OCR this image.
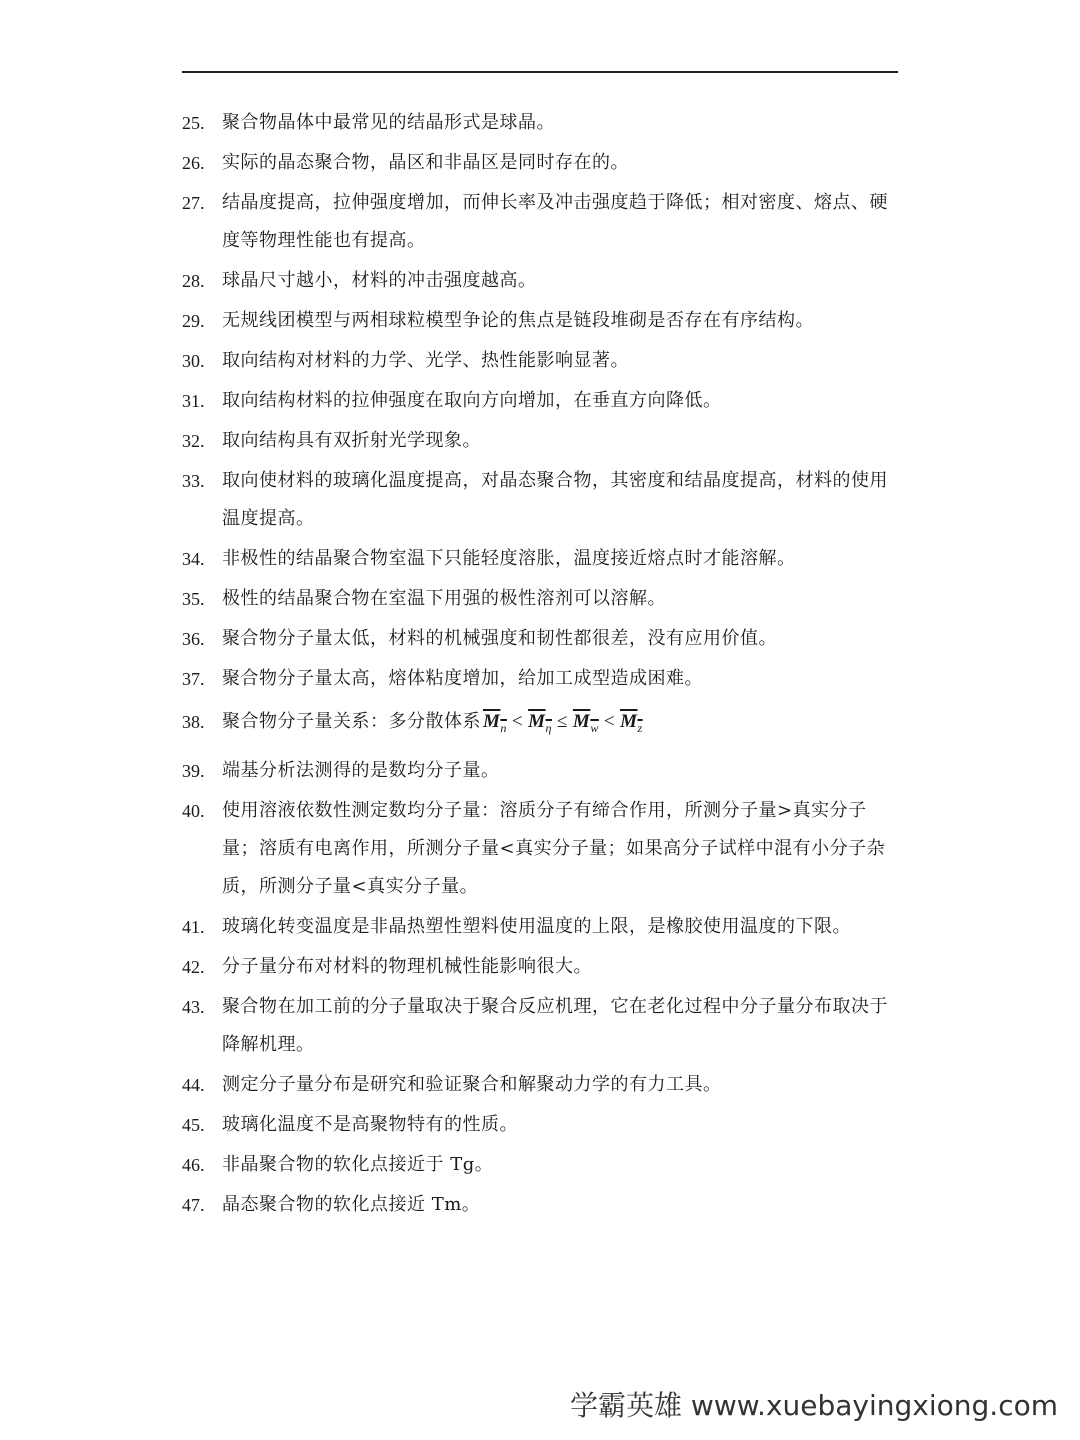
25. 聚合物晶体中最常见的结晶形式是球晶。
26. 实际的晶态聚合物，晶区和非晶区是同时存在的。
27. 结晶度提高，拉伸强度增加，而伸长率及冲击强度趋于降低；相对密度、熔点、硬度等物理性能也有提高。
28. 球晶尺寸越小，材料的冲击强度越高。
29. 无规线团模型与两相球粒模型争论的焦点是链段堆砌是否存在有序结构。
30. 取向结构对材料的力学、光学、热性能影响显著。
31. 取向结构材料的拉伸强度在取向方向增加，在垂直方向降低。
32. 取向结构具有双折射光学现象。
33. 取向使材料的玻璃化温度提高，对晶态聚合物，其密度和结晶度提高，材料的使用温度提高。
34. 非极性的结晶聚合物室温下只能轻度溶胀，温度接近熔点时才能溶解。
35. 极性的结晶聚合物在室温下用强的极性溶剂可以溶解。
36. 聚合物分子量太低，材料的机械强度和韧性都很差，没有应用价值。
37. 聚合物分子量太高，熔体粘度增加，给加工成型造成困难。
38. 聚合物分子量关系：多分散体系 $M_n < M_\eta \le M_w < M_z$
39. 端基分析法测得的是数均分子量。
40. 使用溶液依数性测定数均分子量：溶质分子有缔合作用，所测分子量>真实分子量；溶质有电离作用，所测分子量<真实分子量；如果高分子试样中混有小分子杂质，所测分子量<真实分子量。
41. 玻璃化转变温度是非晶热塑性塑料使用温度的上限，是橡胶使用温度的下限。
42. 分子量分布对材料的物理机械性能影响很大。
43. 聚合物在加工前的分子量取决于聚合反应机理，它在老化过程中分子量分布取决于降解机理。
44. 测定分子量分布是研究和验证聚合和解聚动力学的有力工具。
45. 玻璃化温度不是高聚物特有的性质。
46. 非晶聚合物的软化点接近于 Tg。
47. 晶态聚合物的软化点接近 Tm。
学霸英雄 www.xuebayingxiong.com
